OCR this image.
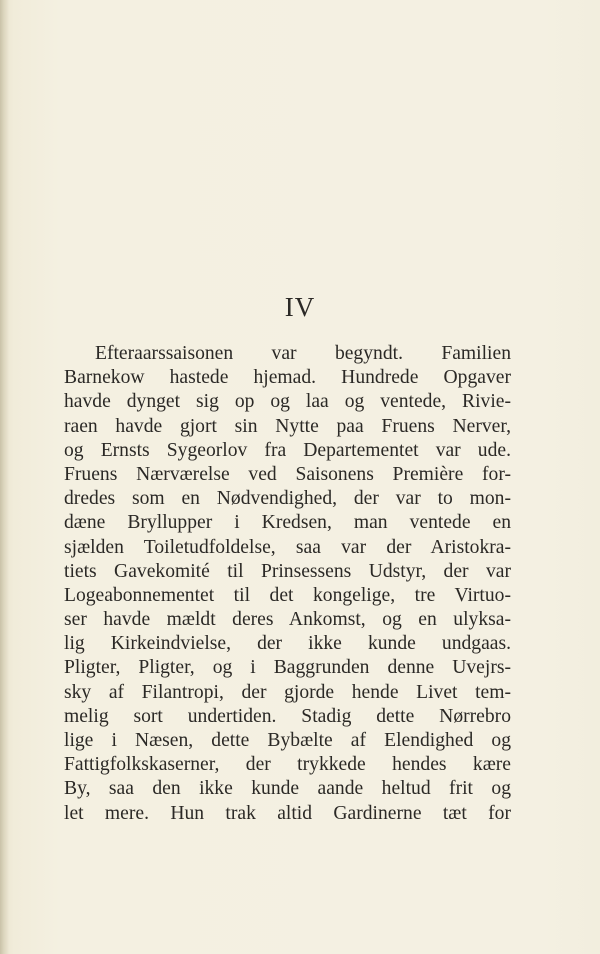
IV
Efteraarssaisonen var begyndt. Familien
Barnekow hastede hjemad. Hundrede Opgaver
havde dynget sig op og laa og ventede, Rivie-
raen havde gjort sin Nytte paa Fruens Nerver,
og Ernsts Sygeorlov fra Departementet var ude.
Fruens Nærværelse ved Saisonens Première for-
dredes som en Nødvendighed, der var to mon-
dæne Bryllupper i Kredsen, man ventede en
sjælden Toiletudfoldelse, saa var der Aristokra-
tiets Gavekomité til Prinsessens Udstyr, der var
Logeabonnementet til det kongelige, tre Virtuo-
ser havde mældt deres Ankomst, og en ulyksa-
lig Kirkeindvielse, der ikke kunde undgaas.
Pligter, Pligter, og i Baggrunden denne Uvejrs-
sky af Filantropi, der gjorde hende Livet tem-
melig sort undertiden. Stadig dette Nørrebro
lige i Næsen, dette Bybælte af Elendighed og
Fattigfolkskaserner, der trykkede hendes kære
By, saa den ikke kunde aande heltud frit og
let mere. Hun trak altid Gardinerne tæt for
